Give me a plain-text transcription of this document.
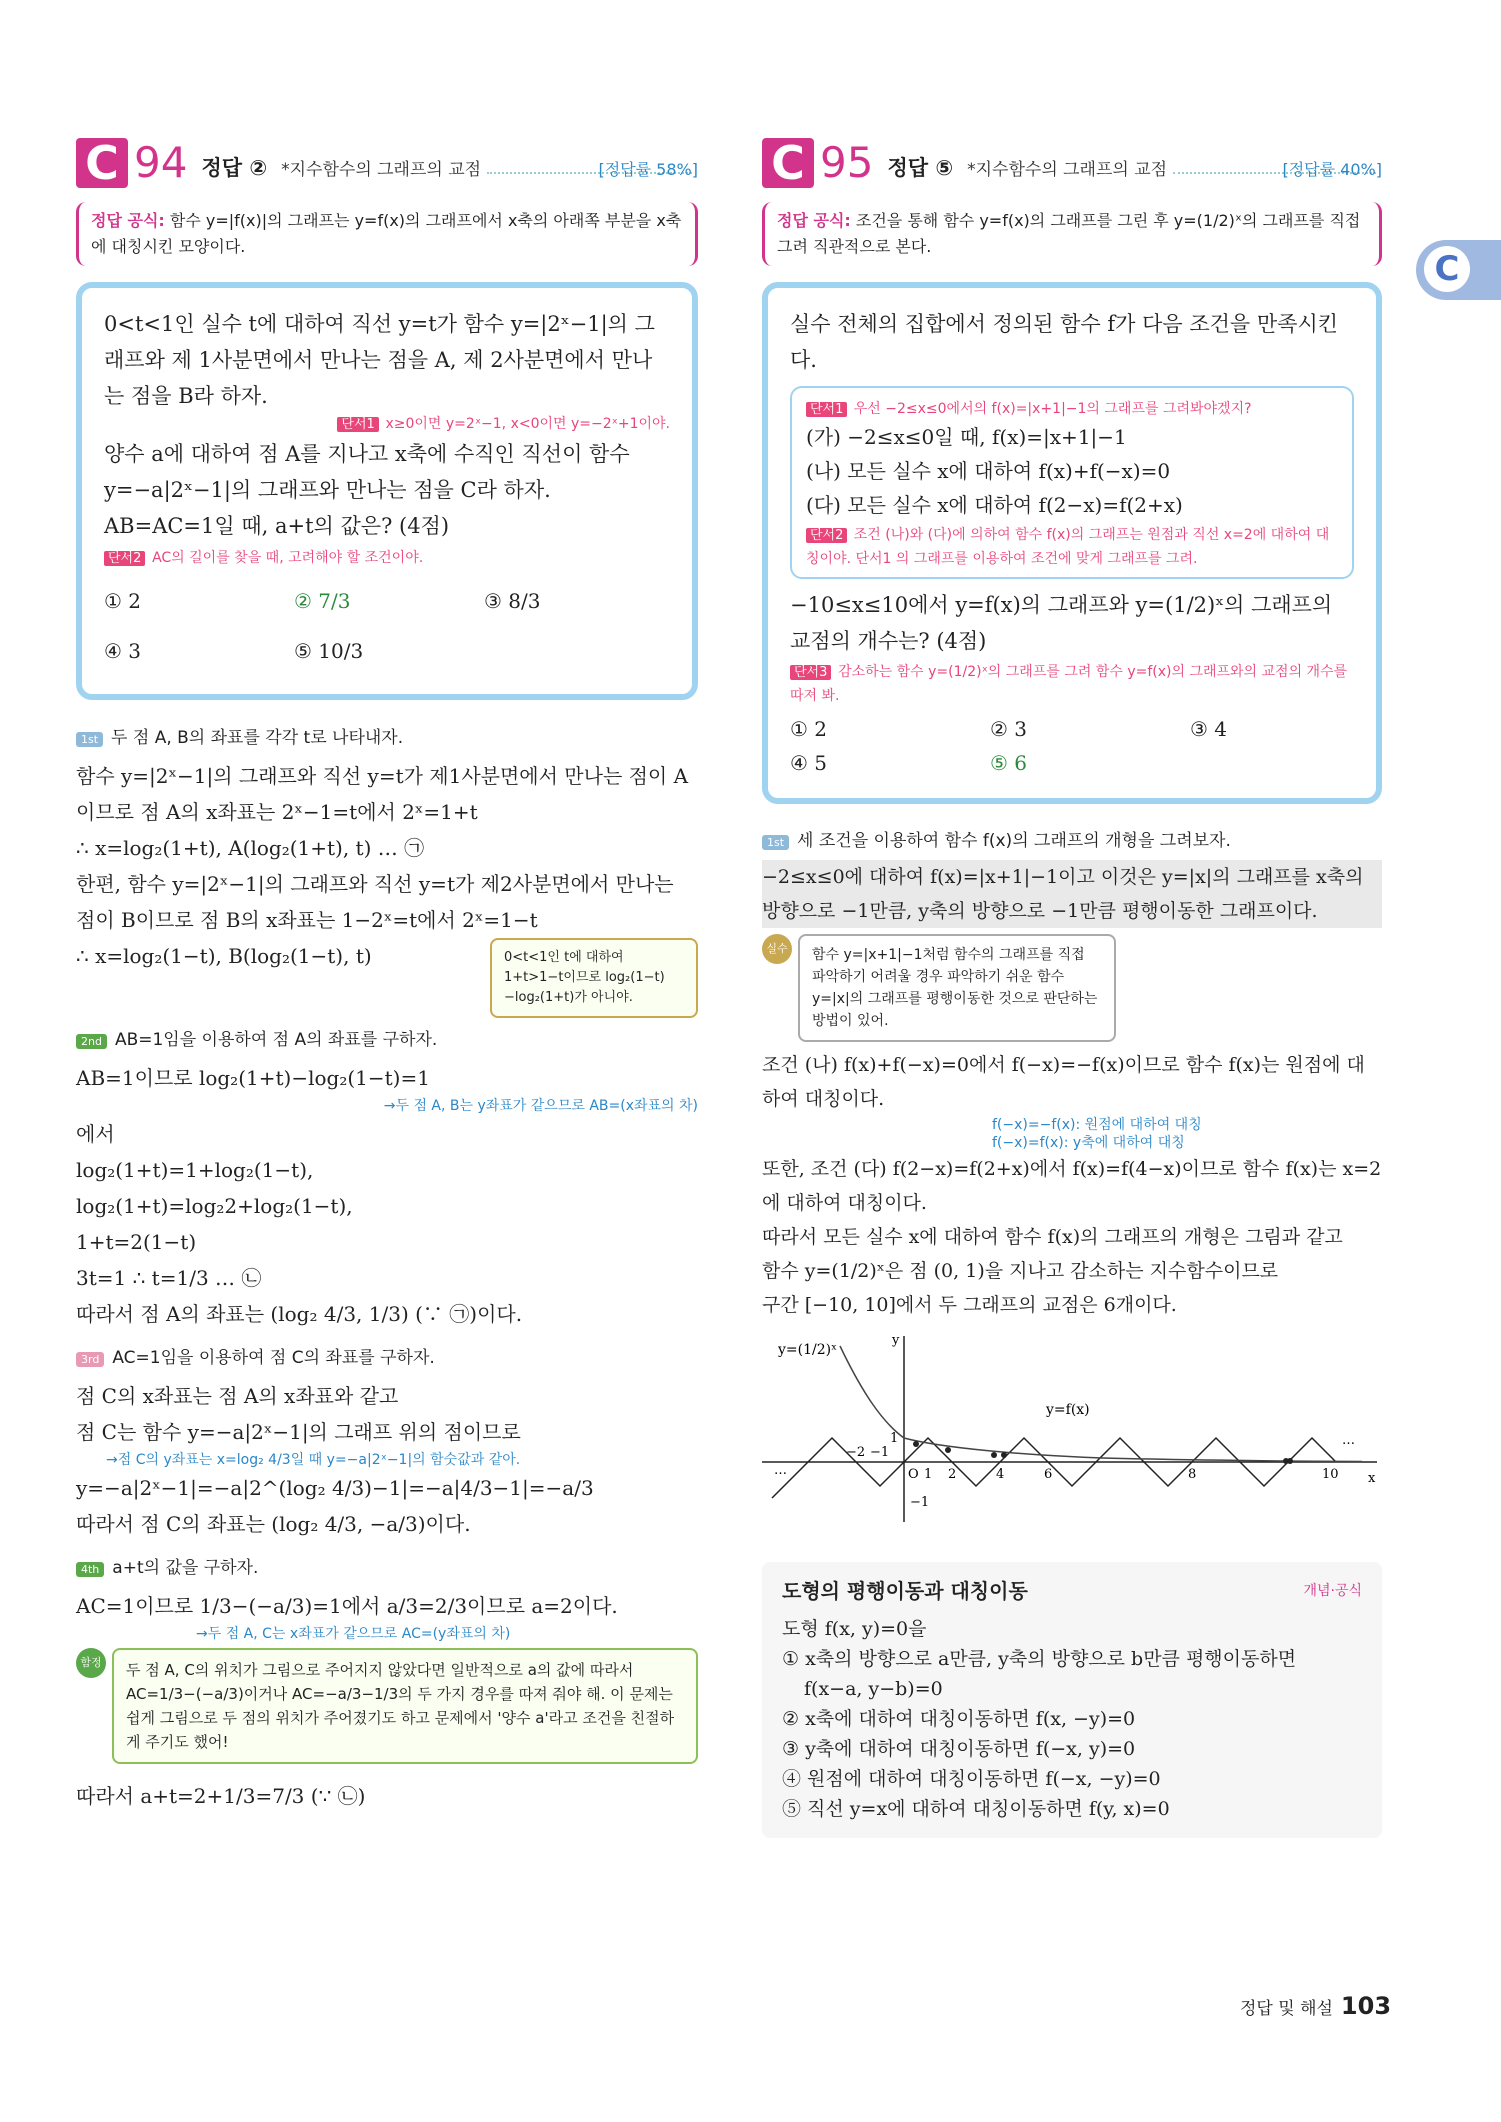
C
C 94 정답 ② *지수함수의 그래프의 교점	[정답률 58%]
정답 공식: 함수 y=|f(x)|의 그래프는 y=f(x)의 그래프에서 x축의 아래쪽 부분을 x축에 대칭시킨 모양이다.
0<t<1인 실수 t에 대하여 직선 y=t가 함수 y=|2ˣ−1|의 그래프와 제 1사분면에서 만나는 점을 A, 제 2사분면에서 만나는 점을 B라 하자.
단서1 x≥0이면 y=2ˣ−1, x<0이면 y=−2ˣ+1이야.
양수 a에 대하여 점 A를 지나고 x축에 수직인 직선이 함수 y=−a|2ˣ−1|의 그래프와 만나는 점을 C라 하자.
AB=AC=1일 때, a+t의 값은? (4점)
단서2 AC의 길이를 찾을 때, 고려해야 할 조건이야.
① 2	② 7/3	③ 8/3
④ 3	⑤ 10/3

1st 두 점 A, B의 좌표를 각각 t로 나타내자.

함수 y=|2ˣ−1|의 그래프와 직선 y=t가 제1사분면에서 만나는 점이 A이므로 점 A의 x좌표는 2ˣ−1=t에서 2ˣ=1+t

∴ x=log₂(1+t), A(log₂(1+t), t) … ㉠

한편, 함수 y=|2ˣ−1|의 그래프와 직선 y=t가 제2사분면에서 만나는 점이 B이므로 점 B의 x좌표는 1−2ˣ=t에서 2ˣ=1−t

∴ x=log₂(1−t), B(log₂(1−t), t)	0<t<1인 t에 대하여 1+t>1−t이므로 log₂(1−t)−log₂(1+t)가 아니야.

2nd AB=1임을 이용하여 점 A의 좌표를 구하자.

AB=1이므로 log₂(1+t)−log₂(1−t)=1

→두 점 A, B는 y좌표가 같으므로 AB=(x좌표의 차)

에서

log₂(1+t)=1+log₂(1−t),

log₂(1+t)=log₂2+log₂(1−t),

1+t=2(1−t)

3t=1 ∴ t=1/3 … ㉡

따라서 점 A의 좌표는 (log₂ 4/3, 1/3) (∵ ㉠)이다.

3rd AC=1임을 이용하여 점 C의 좌표를 구하자.

점 C의 x좌표는 점 A의 x좌표와 같고

점 C는 함수 y=−a|2ˣ−1|의 그래프 위의 점이므로

→점 C의 y좌표는 x=log₂ 4/3일 때 y=−a|2ˣ−1|의 함숫값과 같아.

y=−a|2ˣ−1|=−a|2^(log₂ 4/3)−1|=−a|4/3−1|=−a/3

따라서 점 C의 좌표는 (log₂ 4/3, −a/3)이다.

4th a+t의 값을 구하자.

AC=1이므로 1/3−(−a/3)=1에서 a/3=2/3이므로 a=2이다.

→두 점 A, C는 x좌표가 같으므로 AC=(y좌표의 차)

함정	두 점 A, C의 위치가 그림으로 주어지지 않았다면 일반적으로 a의 값에 따라서 AC=1/3−(−a/3)이거나 AC=−a/3−1/3의 두 가지 경우를 따져 줘야 해. 이 문제는 쉽게 그림으로 두 점의 위치가 주어졌기도 하고 문제에서 '양수 a'라고 조건을 친절하게 주기도 했어!

따라서 a+t=2+1/3=7/3 (∵ ㉡)

C 95 정답 ⑤ *지수함수의 그래프의 교점	[정답률 40%]
정답 공식: 조건을 통해 함수 y=f(x)의 그래프를 그린 후 y=(1/2)ˣ의 그래프를 직접 그려 직관적으로 본다.
실수 전체의 집합에서 정의된 함수 f가 다음 조건을 만족시킨다.
단서1 우선 −2≤x≤0에서의 f(x)=|x+1|−1의 그래프를 그려봐야겠지?
(가) −2≤x≤0일 때, f(x)=|x+1|−1
(나) 모든 실수 x에 대하여 f(x)+f(−x)=0
(다) 모든 실수 x에 대하여 f(2−x)=f(2+x)
단서2 조건 (나)와 (다)에 의하여 함수 f(x)의 그래프는 원점과 직선 x=2에 대하여 대칭이야. 단서1 의 그래프를 이용하여 조건에 맞게 그래프를 그려.
−10≤x≤10에서 y=f(x)의 그래프와 y=(1/2)ˣ의 그래프의 교점의 개수는? (4점)
단서3 감소하는 함수 y=(1/2)ˣ의 그래프를 그려 함수 y=f(x)의 그래프와의 교점의 개수를 따져 봐.
① 2	② 3	③ 4
④ 5	⑤ 6

1st 세 조건을 이용하여 함수 f(x)의 그래프의 개형을 그려보자.

−2≤x≤0에 대하여 f(x)=|x+1|−1이고 이것은 y=|x|의 그래프를 x축의 방향으로 −1만큼, y축의 방향으로 −1만큼 평행이동한 그래프이다.

실수	함수 y=|x+1|−1처럼 함수의 그래프를 직접 파악하기 어려울 경우 파악하기 쉬운 함수 y=|x|의 그래프를 평행이동한 것으로 판단하는 방법이 있어.

조건 (나) f(x)+f(−x)=0에서 f(−x)=−f(x)이므로 함수 f(x)는 원점에 대하여 대칭이다.

f(−x)=−f(x): 원점에 대하여 대칭

f(−x)=f(x): y축에 대하여 대칭

또한, 조건 (다) f(2−x)=f(2+x)에서 f(x)=f(4−x)이므로 함수 f(x)는 x=2에 대하여 대칭이다.

따라서 모든 실수 x에 대하여 함수 f(x)의 그래프의 개형은 그림과 같고

함수 y=(1/2)ˣ은 점 (0, 1)을 지나고 감소하는 지수함수이므로

구간 [−10, 10]에서 두 그래프의 교점은 6개이다.

y=(1/2)ˣ
y=f(x)
y
x
O
1
−1
−2 −1
1 2	4	6	8	10
…
…
도형의 평행이동과 대칭이동	개념·공식
도형 f(x, y)=0을
① x축의 방향으로 a만큼, y축의 방향으로 b만큼 평행이동하면
f(x−a, y−b)=0
② x축에 대하여 대칭이동하면 f(x, −y)=0
③ y축에 대하여 대칭이동하면 f(−x, y)=0
④ 원점에 대하여 대칭이동하면 f(−x, −y)=0
⑤ 직선 y=x에 대하여 대칭이동하면 f(y, x)=0
정답 및 해설 103
